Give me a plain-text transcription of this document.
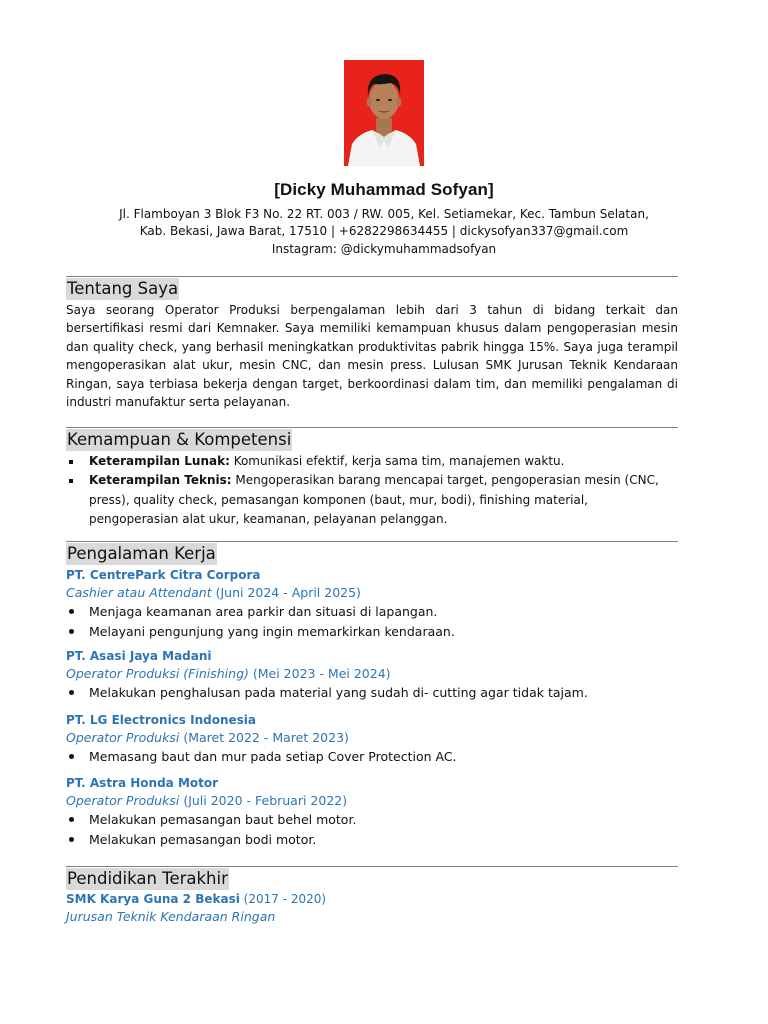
[Dicky Muhammad Sofyan]
Jl. Flamboyan 3 Blok F3 No. 22 RT. 003 / RW. 005, Kel. Setiamekar, Kec. Tambun Selatan,
Kab. Bekasi, Jawa Barat, 17510 | +6282298634455 | dickysofyan337@gmail.com
Instagram: @dickymuhammadsofyan
Tentang Saya
Saya seorang Operator Produksi berpengalaman lebih dari 3 tahun di bidang terkait dan bersertifikasi resmi dari Kemnaker. Saya memiliki kemampuan khusus dalam pengoperasian mesin dan quality check, yang berhasil meningkatkan produktivitas pabrik hingga 15%. Saya juga terampil mengoperasikan alat ukur, mesin CNC, dan mesin press. Lulusan SMK Jurusan Teknik Kendaraan Ringan, saya terbiasa bekerja dengan target, berkoordinasi dalam tim, dan memiliki pengalaman di industri manufaktur serta pelayanan.
Kemampuan & Kompetensi
Keterampilan Lunak: Komunikasi efektif, kerja sama tim, manajemen waktu.
Keterampilan Teknis: Mengoperasikan barang mencapai target, pengoperasian mesin (CNC, press), quality check, pemasangan komponen (baut, mur, bodi), finishing material, pengoperasian alat ukur, keamanan, pelayanan pelanggan.
Pengalaman Kerja
PT. CentrePark Citra Corpora
Cashier atau Attendant (Juni 2024 - April 2025)
Menjaga keamanan area parkir dan situasi di lapangan.
Melayani pengunjung yang ingin memarkirkan kendaraan.
PT. Asasi Jaya Madani
Operator Produksi (Finishing) (Mei 2023 - Mei 2024)
Melakukan penghalusan pada material yang sudah di- cutting agar tidak tajam.
PT. LG Electronics Indonesia
Operator Produksi (Maret 2022 - Maret 2023)
Memasang baut dan mur pada setiap Cover Protection AC.
PT. Astra Honda Motor
Operator Produksi (Juli 2020 - Februari 2022)
Melakukan pemasangan baut behel motor.
Melakukan pemasangan bodi motor.
Pendidikan Terakhir
SMK Karya Guna 2 Bekasi (2017 - 2020)
Jurusan Teknik Kendaraan Ringan
